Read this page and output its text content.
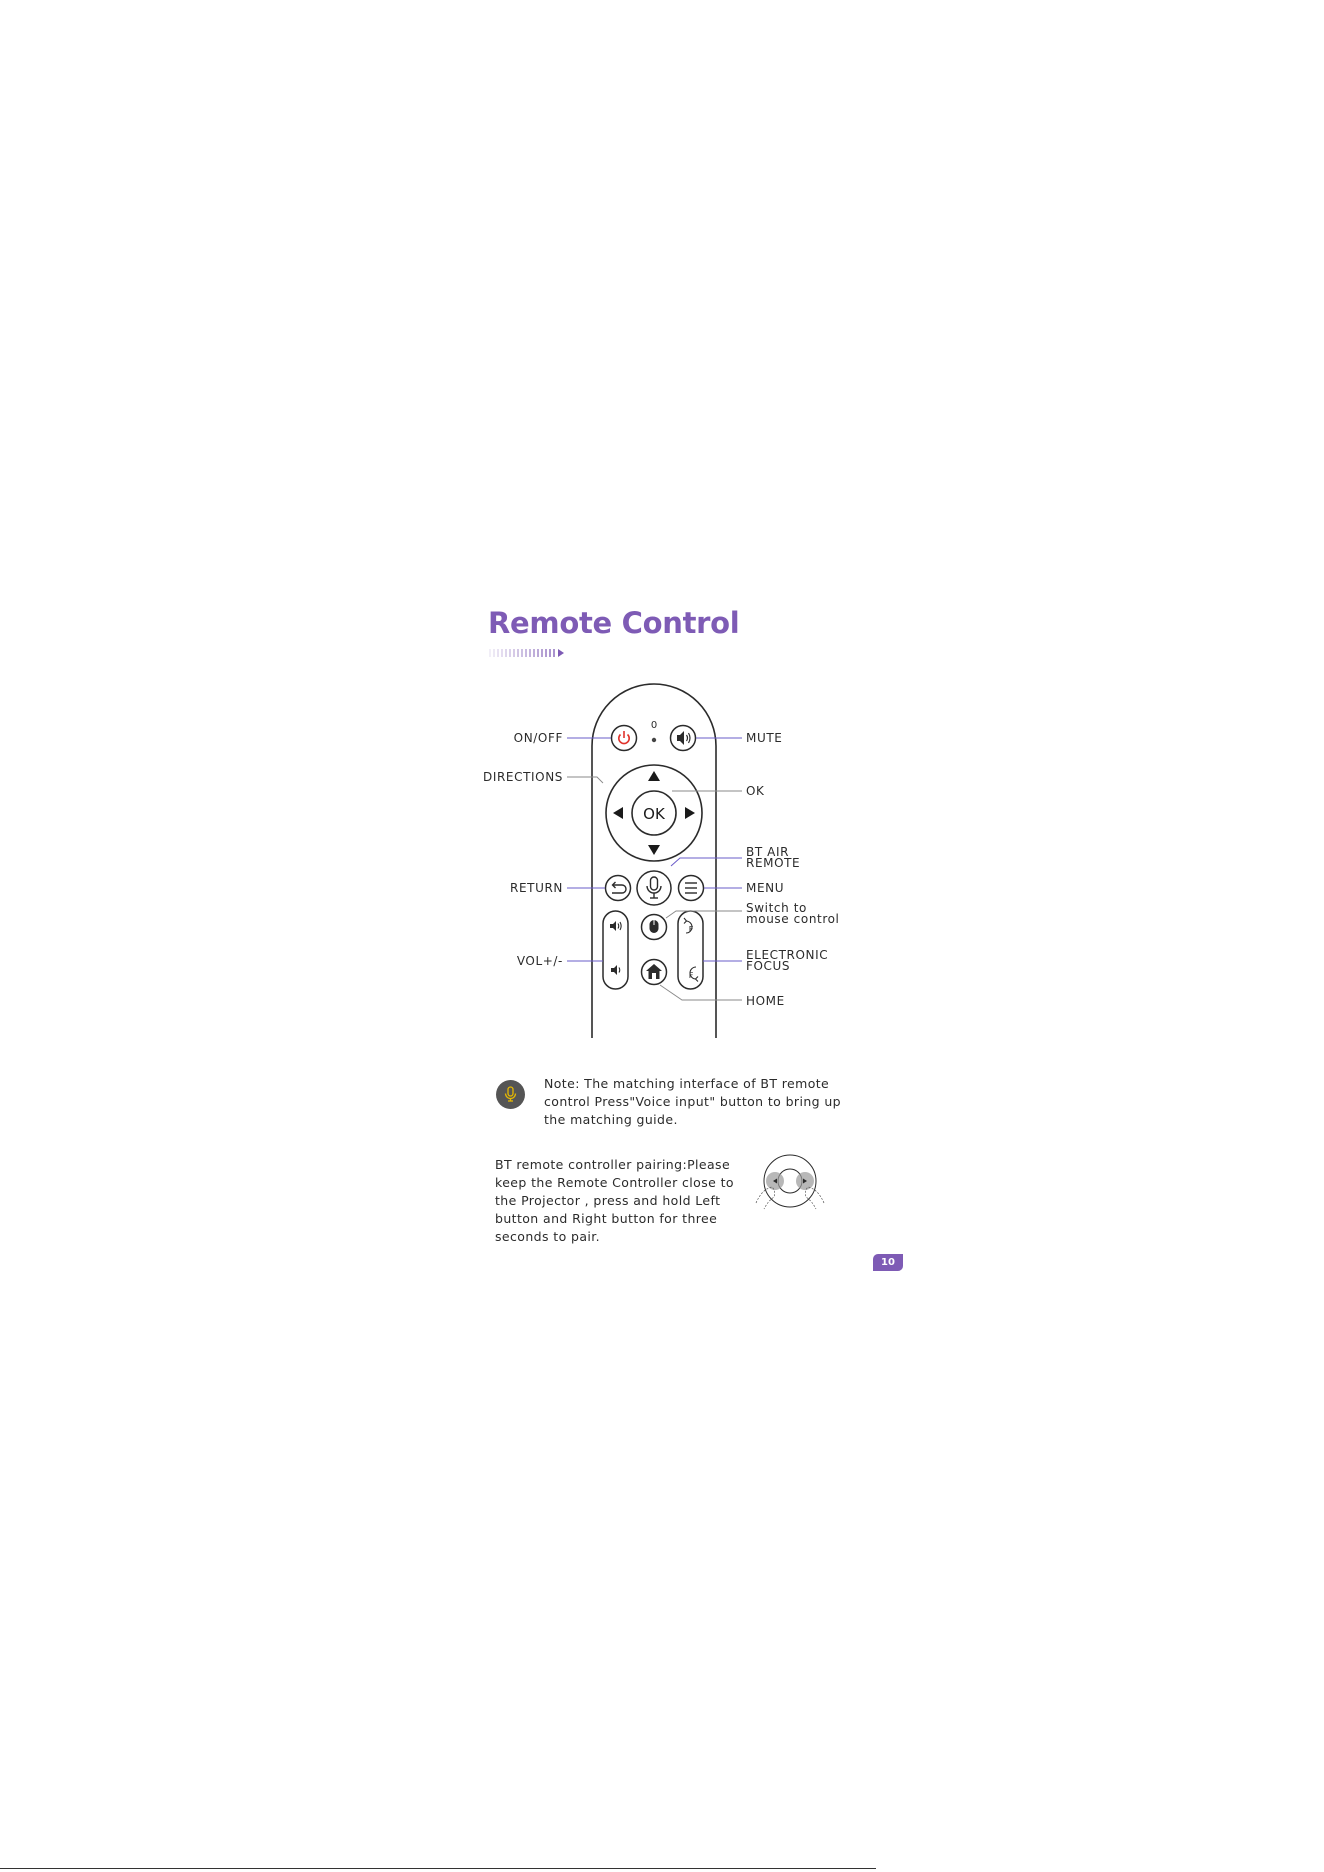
Remote Control
0
OK
F
F
ON/OFF	MUTE
DIRECTIONS
OK
BT AIR
REMOTE
RETURN	MENU
Switch to
mouse control
VOL+/-	ELECTRONIC
FOCUS
HOME

Note: The matching interface of BT remote control Press"Voice input" button to bring up the matching guide.

BT remote controller pairing:Please keep the Remote Controller close to the Projector , press and hold Left button and Right button for three seconds to pair.

10
